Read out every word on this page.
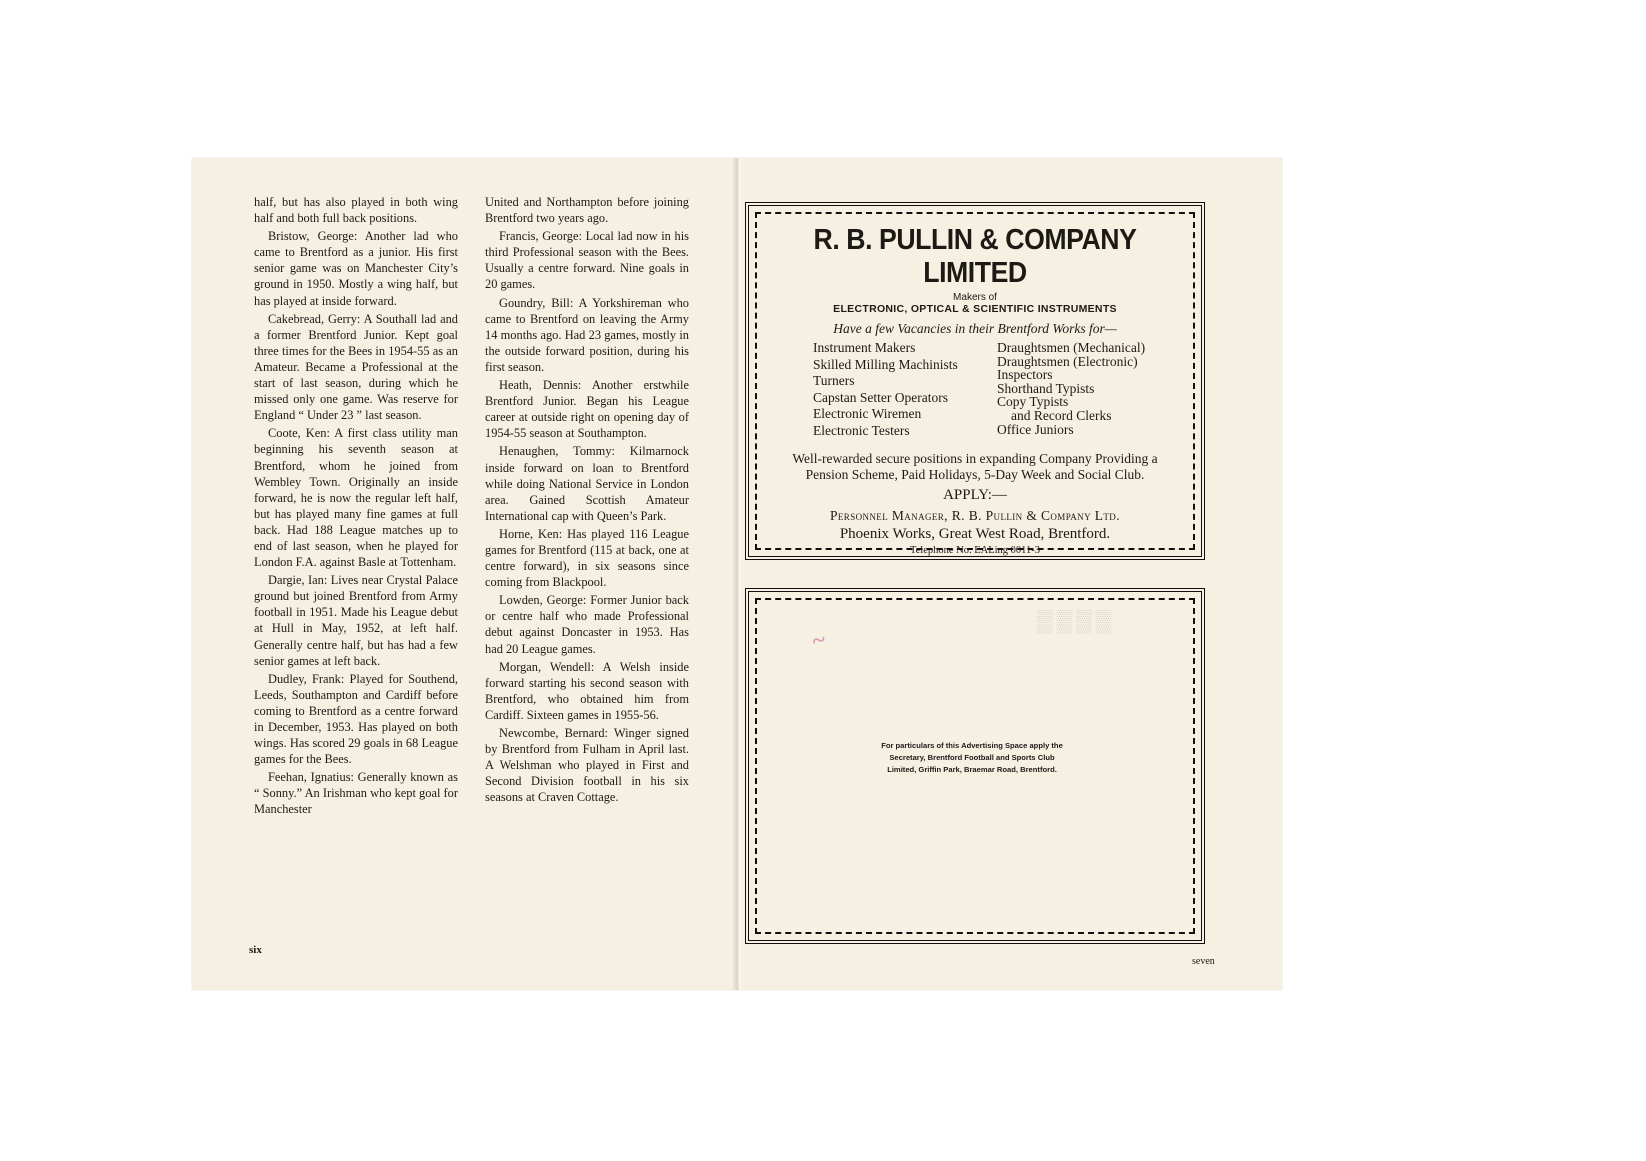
half, but has also played in both wing half and both full back positions.

Bristow, George: Another lad who came to Brentford as a junior. His first senior game was on Manchester City’s ground in 1950. Mostly a wing half, but has played at inside forward.

Cakebread, Gerry: A Southall lad and a former Brentford Junior. Kept goal three times for the Bees in 1954-55 as an Amateur. Became a Professional at the start of last season, during which he missed only one game. Was reserve for England “ Under 23 ” last season.

Coote, Ken: A first class utility man beginning his seventh season at Brentford, whom he joined from Wembley Town. Originally an inside forward, he is now the regular left half, but has played many fine games at full back. Had 188 League matches up to end of last season, when he played for London F.A. against Basle at Tottenham.

Dargie, Ian: Lives near Crystal Palace ground but joined Brentford from Army football in 1951. Made his League debut at Hull in May, 1952, at left half. Generally centre half, but has had a few senior games at left back.

Dudley, Frank: Played for Southend, Leeds, Southampton and Cardiff before coming to Brentford as a centre forward in December, 1953. Has played on both wings. Has scored 29 goals in 68 League games for the Bees.

Feehan, Ignatius: Generally known as “ Sonny.” An Irishman who kept goal for Manchester

United and Northampton before joining Brentford two years ago.

Francis, George: Local lad now in his third Professional season with the Bees. Usually a centre forward. Nine goals in 20 games.

Goundry, Bill: A Yorkshireman who came to Brentford on leaving the Army 14 months ago. Had 23 games, mostly in the outside forward position, during his first season.

Heath, Dennis: Another erstwhile Brentford Junior. Began his League career at outside right on opening day of 1954-55 season at Southampton.

Henaughen, Tommy: Kilmarnock inside forward on loan to Brentford while doing National Service in London area. Gained Scottish Amateur International cap with Queen’s Park.

Horne, Ken: Has played 116 League games for Brentford (115 at back, one at centre forward), in six seasons since coming from Blackpool.

Lowden, George: Former Junior back or centre half who made Professional debut against Doncaster in 1953. Has had 20 League games.

Morgan, Wendell: A Welsh inside forward starting his second season with Brentford, who obtained him from Cardiff. Sixteen games in 1955-56.

Newcombe, Bernard: Winger signed by Brentford from Fulham in April last. A Welshman who played in First and Second Division football in his six seasons at Craven Cottage.

six
▒▒▒▒
R. B. PULLIN & COMPANY LIMITED
Makers of
ELECTRONIC, OPTICAL & SCIENTIFIC INSTRUMENTS
Have a few Vacancies in their Brentford Works for—
Instrument Makers
Skilled Milling Machinists
Turners
Capstan Setter Operators
Electronic Wiremen
Electronic Testers
Draughtsmen (Mechanical)
Draughtsmen (Electronic)
Inspectors
Shorthand Typists
Copy Typists
and Record Clerks
Office Juniors
Well-rewarded secure positions in expanding Company Providing a Pension Scheme, Paid Holidays, 5-Day Week and Social Club.
APPLY:—
Personnel Manager, R. B. Pullin & Company Ltd.
Phoenix Works, Great West Road, Brentford.
Telephone No. EALing 0011-3
For particulars of this Advertising Space apply the Secretary, Brentford Football and Sports Club Limited, Griffin Park, Braemar Road, Brentford.
seven
~
